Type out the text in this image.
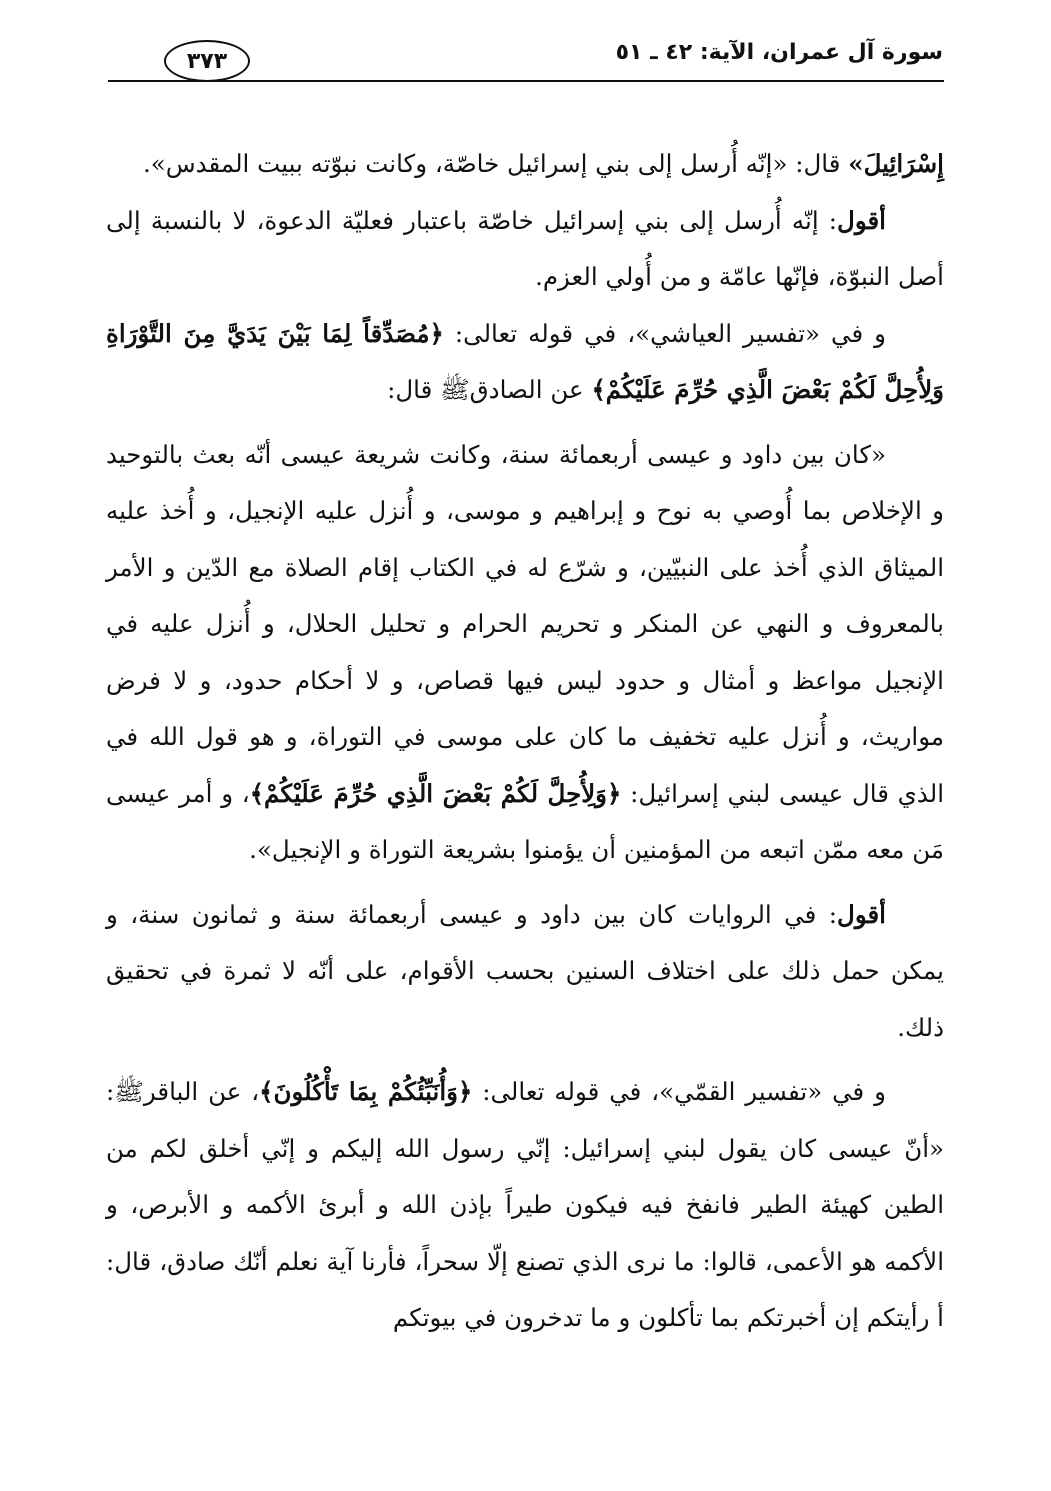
سورة آل عمران، الآية: ٤٢ ـ ٥١
٣٧٣

إِسْرَائِيلَ» قال: «إنّه أُرسل إلى بني إسرائيل خاصّة، وكانت نبوّته ببيت المقدس».

أقول: إنّه أُرسل إلى بني إسرائيل خاصّة باعتبار فعليّة الدعوة، لا بالنسبة إلى أصل النبوّة، فإنّها عامّة و من أُولي العزم.

و في «تفسير العياشي»، في قوله تعالى: ﴿مُصَدِّقاً لِمَا بَيْنَ يَدَيَّ مِنَ التَّوْرَاةِ وَلِأُحِلَّ لَكُمْ بَعْضَ الَّذِي حُرِّمَ عَلَيْكُمْ﴾ عن الصادقﷺ قال:

«كان بين داود و عيسى أربعمائة سنة، وكانت شريعة عيسى أنّه بعث بالتوحيد و الإخلاص بما أُوصي به نوح و إبراهيم و موسى، و أُنزل عليه الإنجيل، و أُخذ عليه الميثاق الذي أُخذ على النبيّين، و شرّع له في الكتاب إقام الصلاة مع الدّين و الأمر بالمعروف و النهي عن المنكر و تحريم الحرام و تحليل الحلال، و أُنزل عليه في الإنجيل مواعظ و أمثال و حدود ليس فيها قصاص، و لا أحكام حدود، و لا فرض مواريث، و أُنزل عليه تخفيف ما كان على موسى في التوراة، و هو قول الله في الذي قال عيسى لبني إسرائيل: ﴿وَلِأُحِلَّ لَكُمْ بَعْضَ الَّذِي حُرِّمَ عَلَيْكُمْ﴾، و أمر عيسى مَن معه ممّن اتبعه من المؤمنين أن يؤمنوا بشريعة التوراة و الإنجيل».

أقول: في الروايات كان بين داود و عيسى أربعمائة سنة و ثمانون سنة، و يمكن حمل ذلك على اختلاف السنين بحسب الأقوام، على أنّه لا ثمرة في تحقيق ذلك.

و في «تفسير القمّي»، في قوله تعالى: ﴿وَأُنَبِّئُكُمْ بِمَا تَأْكُلُونَ﴾، عن الباقرﷺ: «أنّ عيسى كان يقول لبني إسرائيل: إنّي رسول الله إليكم و إنّي أخلق لكم من الطين كهيئة الطير فانفخ فيه فيكون طيراً بإذن الله و أبرئ الأكمه و الأبرص، و الأكمه هو الأعمى، قالوا: ما نرى الذي تصنع إلّا سحراً، فأرنا آية نعلم أنّك صادق، قال: أ رأيتكم إن أخبرتكم بما تأكلون و ما تدخرون في بيوتكم
